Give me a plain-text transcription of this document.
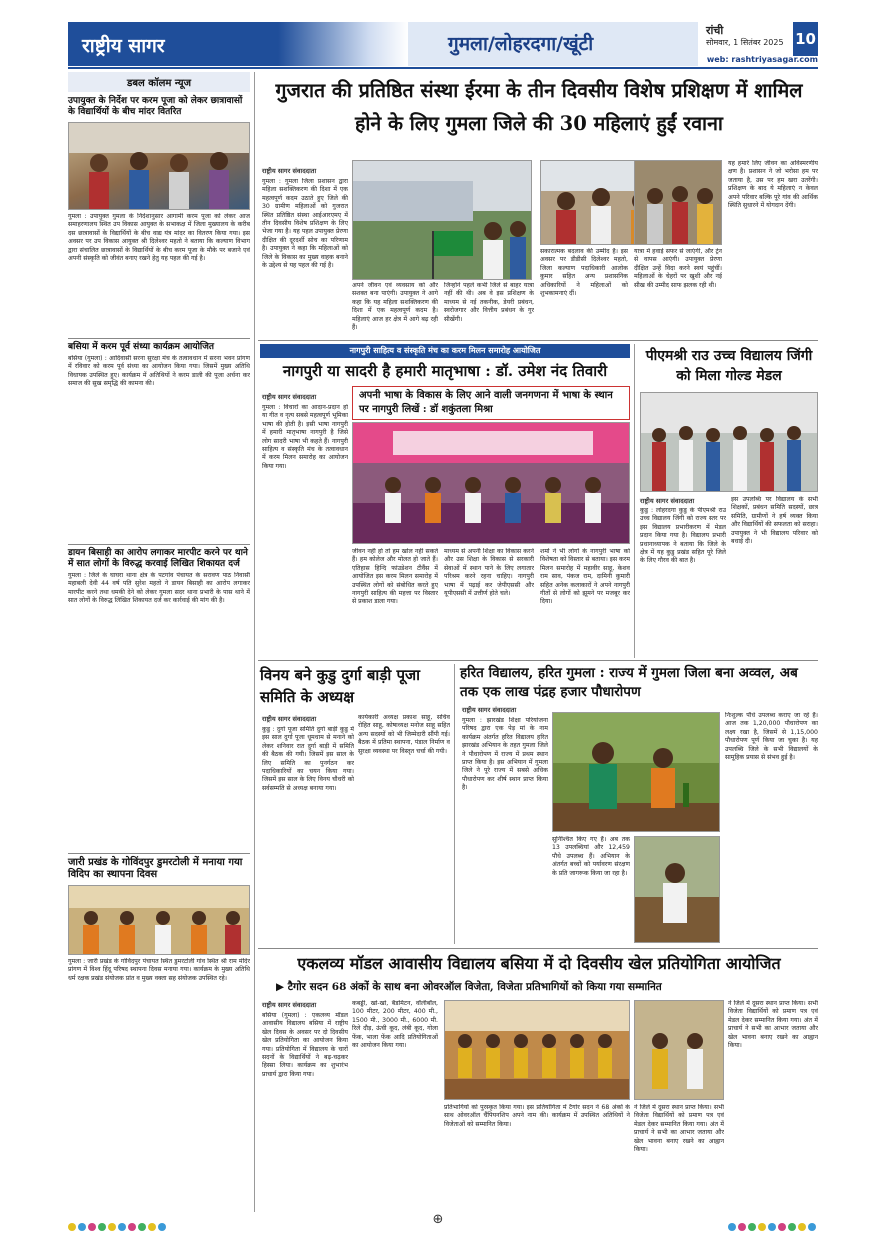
राष्ट्रीय सागर	गुमला/लोहरदगा/खूंटी
रांची
सोमवार, 1 सितंबर 2025 10
web: rashtriyasagar.com
डबल कॉलम न्यूज
उपायुक्त के निर्देश पर करम पूजा को लेकर छात्रावासों के विद्यार्थियों के बीच मांदर वितरित
गुमला : उपायुक्त गुमला के निर्देशानुसार आगामी करम पूजा को लेकर आज समाहरणालय स्थित उप विकास आयुक्त के सभाकक्ष में जिला मुख्यालय के करीब दस छात्रावासों के विद्यार्थियों के बीच वाद्य यंत्र मांदर का वितरण किया गया। इस अवसर पर उप विकास आयुक्त श्री दिलेश्वर महतो ने बताया कि कल्याण विभाग द्वारा संचालित छात्रावासों के विद्यार्थियों के बीच करम पूजा के मौके पर बजाने एवं अपनी संस्कृति को जीवंत बनाए रखने हेतु यह पहल की गई है।
बसिया में करम पूर्व संध्या कार्यक्रम आयोजित
बसिया (गुमला) : आदिवासी सरना सुरक्षा मंच के तत्वावधान में सरना भवन प्रांगण में रविवार को करम पूर्व संध्या का आयोजन किया गया। जिसमें मुख्य अतिथि विधायक उपस्थित हुए। कार्यक्रम में अतिथियों ने करम डाली की पूजा अर्चना कर समाज की सुख समृद्धि की कामना की।
डायन बिसाही का आरोप लगाकर मारपीट करने पर थाने में सात लोगों के विरुद्ध करवाई लिखित शिकायत दर्ज
गुमला : जिले के घाघरा थाना क्षेत्र के पटगांव पंचायत के सरावण पाठ निवासी महाबली देवी 44 वर्ष पति सुरेश महतो ने डायन बिसाही का आरोप लगाकर मारपीट करने तथा धमकी देने को लेकर गुमला सदर थाना प्रभारी के पास थाने में सात लोगों के विरुद्ध लिखित शिकायत दर्ज कर कार्रवाई की मांग की है।
जारी प्रखंड के गोविंदपुर डुमरटोली में मनाया गया विदिप का स्थापना दिवस
गुमला : जारी प्रखंड के गोविंदपुर पंचायत स्थित डुमरटोली गांव स्थित श्री राम मंदिर प्रांगण में विश्व हिंदू परिषद स्थापना दिवस मनाया गया। कार्यक्रम के मुख्य अतिथि धर्म रक्षक प्रखंड संयोजक प्रांत व मुख्य वक्ता सह संयोजक उपस्थित रहे।
गुजरात की प्रतिष्ठित संस्था ईरमा के तीन दिवसीय विशेष प्रशिक्षण में शामिल होने के लिए गुमला जिले की 30 महिलाएं हुईं रवाना
राष्ट्रीय सागर संवाददाता
गुमला : गुमला जिला प्रशासन द्वारा महिला सशक्तिकरण की दिशा में एक महत्वपूर्ण कदम उठाते हुए जिले की 30 ग्रामीण महिलाओं को गुजरात स्थित प्रतिष्ठित संस्था आईआरएमए में तीन दिवसीय विशेष प्रशिक्षण के लिए भेजा गया है। यह पहल उपायुक्त प्रेरणा दीक्षित की दूरदर्शी सोच का परिणाम है। उपायुक्त ने कहा कि महिलाओं को जिले के विकास का मुख्य वाहक बनाने के उद्देश्य से यह पहल की गई है।
अपने जीवन एवं व्यवसाय को और सशक्त बना पाएंगी। उपायुक्त ने आगे कहा कि यह महिला सशक्तिकरण की दिशा में एक महत्वपूर्ण कदम है। महिलाएं आज हर क्षेत्र में आगे बढ़ रही हैं।
जिन्होंने पहले कभी जिले से बाहर यात्रा नहीं की थी। अब वे इस प्रशिक्षण के माध्यम से नई तकनीक, डेयरी प्रबंधन, स्वरोजगार और वित्तीय प्रबंधन के गुर सीखेंगी।
सकारात्मक बदलाव की उम्मीद है। इस अवसर पर डीडीसी दिलेश्वर महतो, जिला कल्याण पदाधिकारी आलोक कुमार सहित अन्य प्रशासनिक अधिकारियों ने महिलाओं को शुभकामनाएं दीं।
यात्रा में हवाई सफर से जाएंगी, और ट्रेन से वापस आएंगी। उपायुक्त प्रेरणा दीक्षित उन्हें विदा करने स्वयं पहुंचीं। महिलाओं के चेहरों पर खुशी और नई सीख की उम्मीद साफ झलक रही थी।
यह हमारे लिए जीवन का अविस्मरणीय क्षण है। प्रशासन ने जो भरोसा हम पर जताया है, उस पर हम खरा उतरेंगी। प्रशिक्षण के बाद ये महिलाएं न केवल अपने परिवार बल्कि पूरे गांव की आर्थिक स्थिति सुधारने में योगदान देंगी।
नागपुरी साहित्य व संस्कृति मंच का करम मिलन समारोह आयोजित
नागपुरी या सादरी है हमारी मातृभाषा : डॉ. उमेश नंद तिवारी
राष्ट्रीय सागर संवाददाता
गुमला : विचारों का आदान-प्रदान हो या गीत व नृत्य सबसे महत्वपूर्ण भूमिका भाषा की होती है। इसी भाषा नागपुरी में हमारी मातृभाषा नागपुरी है जिसे लोग सादरी भाषा भी कहते हैं। नागपुरी साहित्य व संस्कृति मंच के तत्वावधान में करम मिलन समारोह का आयोजन किया गया।
अपनी भाषा के विकास के लिए आने वाली जनगणना में भाषा के स्थान पर नागपुरी लिखें : डॉ शकुंतला मिश्रा
जीवन नहीं हो तो हम खोल नहीं सकते हैं। हम कोलेज और मोलत हो जाते हैं। एतिहास हिन्दि फांउडेशन टीवैंस में आयोजित इस करम मिलन समारोह में उपस्थित लोगों को संबोधित करते हुए नागपुरी साहित्य की महत्ता पर विस्तार से प्रकाश डाला गया।
माध्यम से अपनी शिक्षा का विकास करने और उस शिक्षा के विकास से सरकारी सेवाओं में स्थान पाने के लिए लगातार परिश्रम करने रहना चाहिए। नागपुरी भाषा में पढ़ाई कर जेपीएससी और यूपीएससी में उत्तीर्ण होते चले।
शर्मा ने भी लोगों के नागपुरी भाषा को विशेषता को विस्तार से बताया। इस करम मिलन समारोह में महावीर साहू, केशव राम साव, पंकज राम, दामिनी कुमारी सहित अनेक कलाकारों ने अपने नागपुरी गीतों से लोगों को झूमने पर मजबूर कर दिया।
पीएमश्री राउ उच्च विद्यालय जिंगी को मिला गोल्ड मेडल
राष्ट्रीय सागर संवाददाता
कुडु : लोहरदगा कुडु के पीएमश्री राउ उच्च विद्यालय जिंगी को राज्य स्तर पर इस विद्यालय प्रभारीकरण में मेडल प्रदान किया गया है। विद्यालय प्रभारी प्रधानाध्यापक ने बताया कि जिले के क्षेत्र में यह कुडु प्रखंड सहित पूरे जिले के लिए गौरव की बात है।
इस उपलब्धि पर विद्यालय के सभी शिक्षकों, प्रबंधन समिति सदस्यों, छात्र समिति, ग्रामीणों ने हर्ष व्यक्त किया और विद्यार्थियों की सफलता को सराहा। उपायुक्त ने भी विद्यालय परिवार को बधाई दी।
विनय बने कुडु दुर्गा बाड़ी पूजा समिति के अध्यक्ष
राष्ट्रीय सागर संवाददाता
कुडु : दुर्गा पूजा समिति दुर्गा बाड़ी कुडु में इस साल दुर्गा पूजा धूमधाम से मनाने को लेकर शनिवार रात दुर्गा बाड़ी में समिति की बैठक की गयी। जिसमें इस साल के लिए समिति का पुनर्गठन कर पदाधिकारियों का चयन किया गया। जिसमें इस साल के लिए विनय चौधरी को सर्वसम्मति से अध्यक्ष बनाया गया।
कार्यकारी अध्यक्ष प्रकाश साहू, सचिव रोहित साहू, कोषाध्यक्ष मनोज साहू सहित अन्य सदस्यों को भी जिम्मेदारी सौंपी गई। बैठक में प्रतिमा स्थापना, पंडाल निर्माण व सुरक्षा व्यवस्था पर विस्तृत चर्चा की गयी।
हरित विद्यालय, हरित गुमला : राज्य में गुमला जिला बना अव्वल, अब तक एक लाख पंद्रह हजार पौधारोपण
राष्ट्रीय सागर संवाददाता
गुमला : झारखंड शिक्षा परियोजना परिषद द्वारा एक पेड़ मां के नाम कार्यक्रम अंतर्गत हरित विद्यालय हरित झारखंड अभियान के तहत गुमला जिले ने पौधारोपण में राज्य में प्रथम स्थान प्राप्त किया है। इस अभियान में गुमला जिले ने पूरे राज्य में सबसे अधिक पौधारोपण कर शीर्ष स्थान प्राप्त किया है।
सुनिश्चित किए गए हैं। अब तक 13 उपलब्धियां और 12,459 पौधे उपलब्ध हैं। अभियान के अंतर्गत बच्चों को पर्यावरण संरक्षण के प्रति जागरूक किया जा रहा है।
निःशुल्क पौधे उपलब्ध कराए जा रहे हैं। आज तक 1,20,000 पौधारोपण का लक्ष्य रखा है, जिसमें से 1,15,000 पौधारोपण पूर्ण किया जा चुका है। यह उपलब्धि जिले के सभी विद्यालयों के सामूहिक प्रयास से संभव हुई है।
एकलव्य मॉडल आवासीय विद्यालय बसिया में दो दिवसीय खेल प्रतियोगिता आयोजित
▶ टैगोर सदन 68 अंकों के साथ बना ओवरऑल विजेता, विजेता प्रतिभागियों को किया गया सम्मानित
राष्ट्रीय सागर संवाददाता
बसिया (गुमला) : एकलव्य मॉडल आवासीय विद्यालय बसिया में राष्ट्रीय खेल दिवस के अवसर पर दो दिवसीय खेल प्रतियोगिता का आयोजन किया गया। प्रतियोगिता में विद्यालय के चारों सदनों के विद्यार्थियों ने बढ़-चढ़कर हिस्सा लिया। कार्यक्रम का शुभारंभ प्राचार्य द्वारा किया गया।
कबड्डी, खो-खो, बैडमिंटन, वॉलीबॉल, 100 मीटर, 200 मीटर, 400 मी., 1500 मी., 3000 मी., 6000 मी. रिले दौड़, ऊंची कूद, लंबी कूद, गोला फेंक, भाला फेंक आदि प्रतियोगिताओं का आयोजन किया गया।
प्रतिभागियों को पुरस्कृत किया गया। इस प्रतियोगिता में टैगोर सदन ने 68 अंकों के साथ ओवरऑल चैंपियनशिप अपने नाम की। कार्यक्रम में उपस्थित अतिथियों ने विजेताओं को सम्मानित किया।
ने जिले में दूसरा स्थान प्राप्त किया। सभी विजेता विद्यार्थियों को प्रमाण पत्र एवं मेडल देकर सम्मानित किया गया। अंत में प्राचार्य ने सभी का आभार जताया और खेल भावना बनाए रखने का आह्वान किया।
ने जिले में दूसरा स्थान प्राप्त किया। सभी विजेता विद्यार्थियों को प्रमाण पत्र एवं मेडल देकर सम्मानित किया गया। अंत में प्राचार्य ने सभी का आभार जताया और खेल भावना बनाए रखने का आह्वान किया।
⊕
